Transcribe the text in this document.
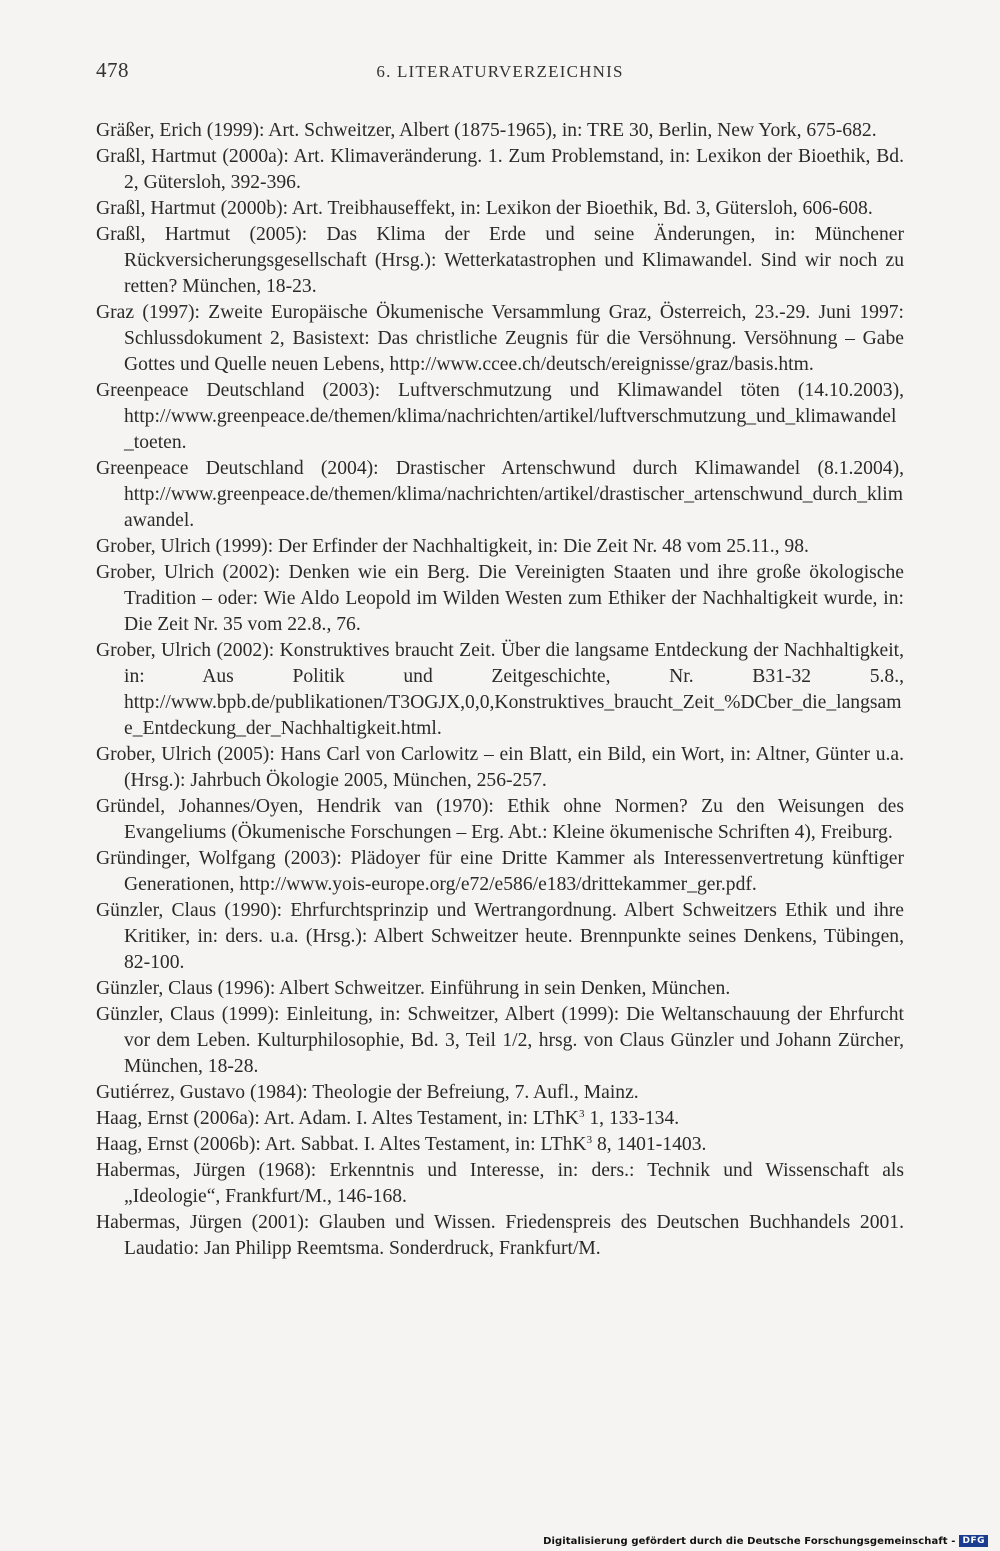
478	6. LITERATURVERZEICHNIS

Gräßer, Erich (1999): Art. Schweitzer, Albert (1875-1965), in: TRE 30, Berlin, New York, 675-682.

Graßl, Hartmut (2000a): Art. Klimaveränderung. 1. Zum Problemstand, in: Lexikon der Bioethik, Bd. 2, Gütersloh, 392-396.

Graßl, Hartmut (2000b): Art. Treibhauseffekt, in: Lexikon der Bioethik, Bd. 3, Gütersloh, 606-608.

Graßl, Hartmut (2005): Das Klima der Erde und seine Änderungen, in: Münchener Rückversicherungsgesellschaft (Hrsg.): Wetterkatastrophen und Klimawandel. Sind wir noch zu retten? München, 18-23.

Graz (1997): Zweite Europäische Ökumenische Versammlung Graz, Österreich, 23.-29. Juni 1997: Schlussdokument 2, Basistext: Das christliche Zeugnis für die Versöhnung. Versöhnung – Gabe Gottes und Quelle neuen Lebens, http://www.ccee.ch/deutsch/ereignisse/graz/basis.htm.

Greenpeace Deutschland (2003): Luftverschmutzung und Klimawandel töten (14.10.2003), http://www.greenpeace.de/themen/klima/nachrichten/artikel/luftverschmutzung_und_klimawandel_toeten.

Greenpeace Deutschland (2004): Drastischer Artenschwund durch Klimawandel (8.1.2004), http://www.greenpeace.de/themen/klima/nachrichten/artikel/drastischer_artenschwund_durch_klimawandel.

Grober, Ulrich (1999): Der Erfinder der Nachhaltigkeit, in: Die Zeit Nr. 48 vom 25.11., 98.

Grober, Ulrich (2002): Denken wie ein Berg. Die Vereinigten Staaten und ihre große ökologische Tradition – oder: Wie Aldo Leopold im Wilden Westen zum Ethiker der Nachhaltigkeit wurde, in: Die Zeit Nr. 35 vom 22.8., 76.

Grober, Ulrich (2002): Konstruktives braucht Zeit. Über die langsame Entdeckung der Nachhaltigkeit, in: Aus Politik und Zeitgeschichte, Nr. B31-32 5.8., http://www.bpb.de/publikationen/T3OGJX,0,0,Konstruktives_braucht_Zeit_%DCber_die_langsame_Entdeckung_der_Nachhaltigkeit.html.

Grober, Ulrich (2005): Hans Carl von Carlowitz – ein Blatt, ein Bild, ein Wort, in: Altner, Günter u.a. (Hrsg.): Jahrbuch Ökologie 2005, München, 256-257.

Gründel, Johannes/Oyen, Hendrik van (1970): Ethik ohne Normen? Zu den Weisungen des Evangeliums (Ökumenische Forschungen – Erg. Abt.: Kleine ökumenische Schriften 4), Freiburg.

Gründinger, Wolfgang (2003): Plädoyer für eine Dritte Kammer als Interessenvertretung künftiger Generationen, http://www.yois-europe.org/e72/e586/e183/drittekammer_ger.pdf.

Günzler, Claus (1990): Ehrfurchtsprinzip und Wertrangordnung. Albert Schweitzers Ethik und ihre Kritiker, in: ders. u.a. (Hrsg.): Albert Schweitzer heute. Brennpunkte seines Denkens, Tübingen, 82-100.

Günzler, Claus (1996): Albert Schweitzer. Einführung in sein Denken, München.

Günzler, Claus (1999): Einleitung, in: Schweitzer, Albert (1999): Die Weltanschauung der Ehrfurcht vor dem Leben. Kulturphilosophie, Bd. 3, Teil 1/2, hrsg. von Claus Günzler und Johann Zürcher, München, 18-28.

Gutiérrez, Gustavo (1984): Theologie der Befreiung, 7. Aufl., Mainz.

Haag, Ernst (2006a): Art. Adam. I. Altes Testament, in: LThK$^3$ 1, 133-134.

Haag, Ernst (2006b): Art. Sabbat. I. Altes Testament, in: LThK$^3$ 8, 1401-1403.

Habermas, Jürgen (1968): Erkenntnis und Interesse, in: ders.: Technik und Wissenschaft als „Ideologie“, Frankfurt/M., 146-168.

Habermas, Jürgen (2001): Glauben und Wissen. Friedenspreis des Deutschen Buchhandels 2001. Laudatio: Jan Philipp Reemtsma. Sonderdruck, Frankfurt/M.

Digitalisierung gefördert durch die Deutsche Forschungsgemeinschaft - DFG
